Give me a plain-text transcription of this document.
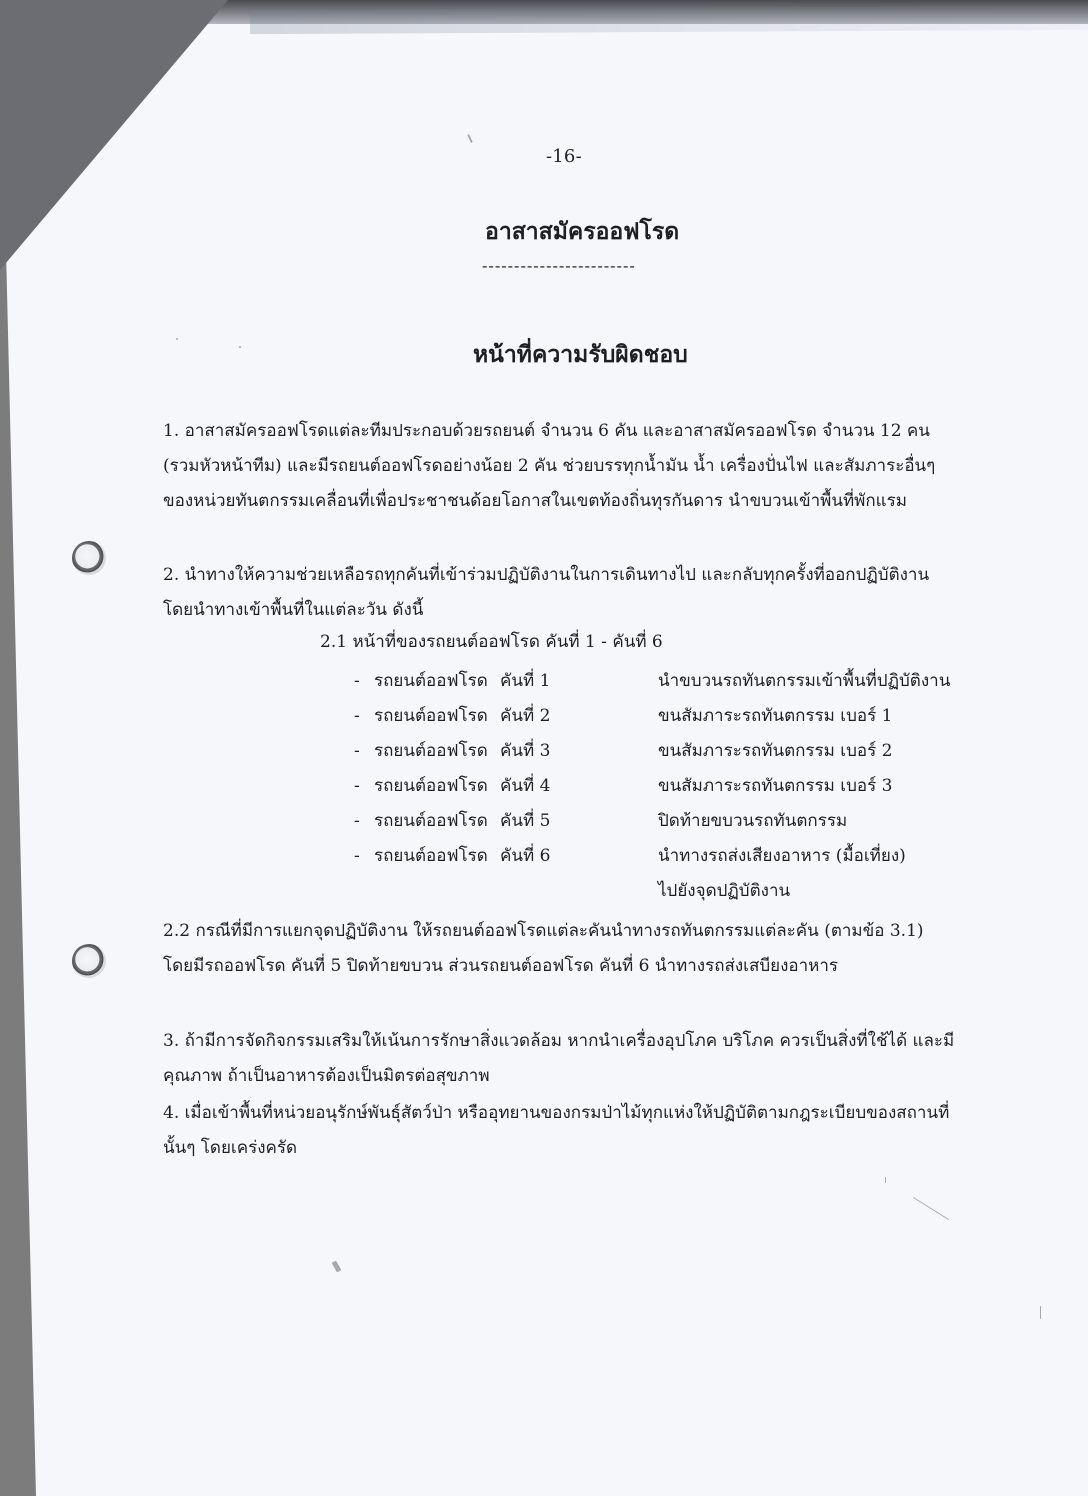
-16-
อาสาสมัครออฟโรด
------------------------
หน้าที่ความรับผิดชอบ
1. อาสาสมัครออฟโรดแต่ละทีมประกอบด้วยรถยนต์ จำนวน 6 คัน และอาสาสมัครออฟโรด จำนวน 12 คน (รวมหัวหน้าทีม) และมีรถยนต์ออฟโรดอย่างน้อย 2 คัน ช่วยบรรทุกน้ำมัน น้ำ เครื่องปั่นไฟ และสัมภาระอื่นๆ ของหน่วยทันตกรรมเคลื่อนที่เพื่อประชาชนด้อยโอกาสในเขตท้องถิ่นทุรกันดาร นำขบวนเข้าพื้นที่พักแรม
2. นำทางให้ความช่วยเหลือรถทุกคันที่เข้าร่วมปฏิบัติงานในการเดินทางไป และกลับทุกครั้งที่ออกปฏิบัติงาน โดยนำทางเข้าพื้นที่ในแต่ละวัน ดังนี้
2.1 หน้าที่ของรถยนต์ออฟโรด คันที่ 1 - คันที่ 6
- รถยนต์ออฟโรด คันที่ 1	นำขบวนรถทันตกรรมเข้าพื้นที่ปฏิบัติงาน
- รถยนต์ออฟโรด คันที่ 2	ขนสัมภาระรถทันตกรรม เบอร์ 1
- รถยนต์ออฟโรด คันที่ 3	ขนสัมภาระรถทันตกรรม เบอร์ 2
- รถยนต์ออฟโรด คันที่ 4	ขนสัมภาระรถทันตกรรม เบอร์ 3
- รถยนต์ออฟโรด คันที่ 5	ปิดท้ายขบวนรถทันตกรรม
- รถยนต์ออฟโรด คันที่ 6	นำทางรถส่งเสียงอาหาร (มื้อเที่ยง)
ไปยังจุดปฏิบัติงาน
2.2 กรณีที่มีการแยกจุดปฏิบัติงาน ให้รถยนต์ออฟโรดแต่ละคันนำทางรถทันตกรรมแต่ละคัน (ตามข้อ 3.1) โดยมีรถออฟโรด คันที่ 5 ปิดท้ายขบวน ส่วนรถยนต์ออฟโรด คันที่ 6 นำทางรถส่งเสบียงอาหาร
3. ถ้ามีการจัดกิจกรรมเสริมให้เน้นการรักษาสิ่งแวดล้อม หากนำเครื่องอุปโภค บริโภค ควรเป็นสิ่งที่ใช้ได้ และมีคุณภาพ ถ้าเป็นอาหารต้องเป็นมิตรต่อสุขภาพ
4. เมื่อเข้าพื้นที่หน่วยอนุรักษ์พันธุ์สัตว์ป่า หรืออุทยานของกรมป่าไม้ทุกแห่งให้ปฏิบัติตามกฎระเบียบของสถานที่นั้นๆ โดยเคร่งครัด
